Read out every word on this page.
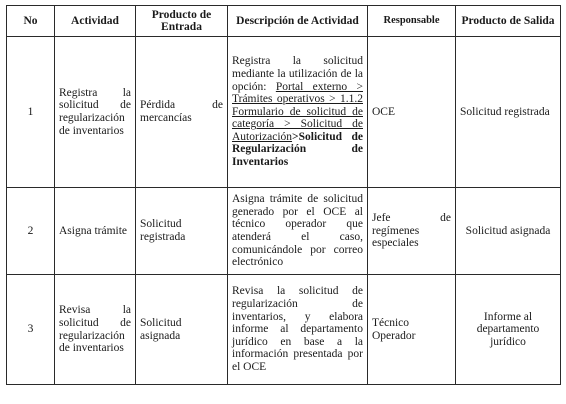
No	Actividad	Producto de Entrada	Descripción de Actividad	Responsable	Producto de Salida
1	Registra la solicitud de regularización de inventarios	Pérdida de mercancías	Registra la solicitud mediante la utilización de la opción: Portal externo > Trámites operativos > 1.1.2 Formulario de solicitud de categoría > Solicitud de Autorización>Solicitud de Regularización de Inventarios	OCE	Solicitud registrada
2	Asigna trámite	Solicitud registrada	Asigna trámite de solicitud generado por el OCE al técnico operador que atenderá el caso, comunicándole por correo electrónico	Jefe de regímenes especiales	Solicitud asignada
3	Revisa la solicitud de regularización de inventarios	Solicitud asignada	Revisa la solicitud de regularización de inventarios, y elabora informe al departamento jurídico en base a la información presentada por el OCE	Técnico Operador	Informe al departamento jurídico
